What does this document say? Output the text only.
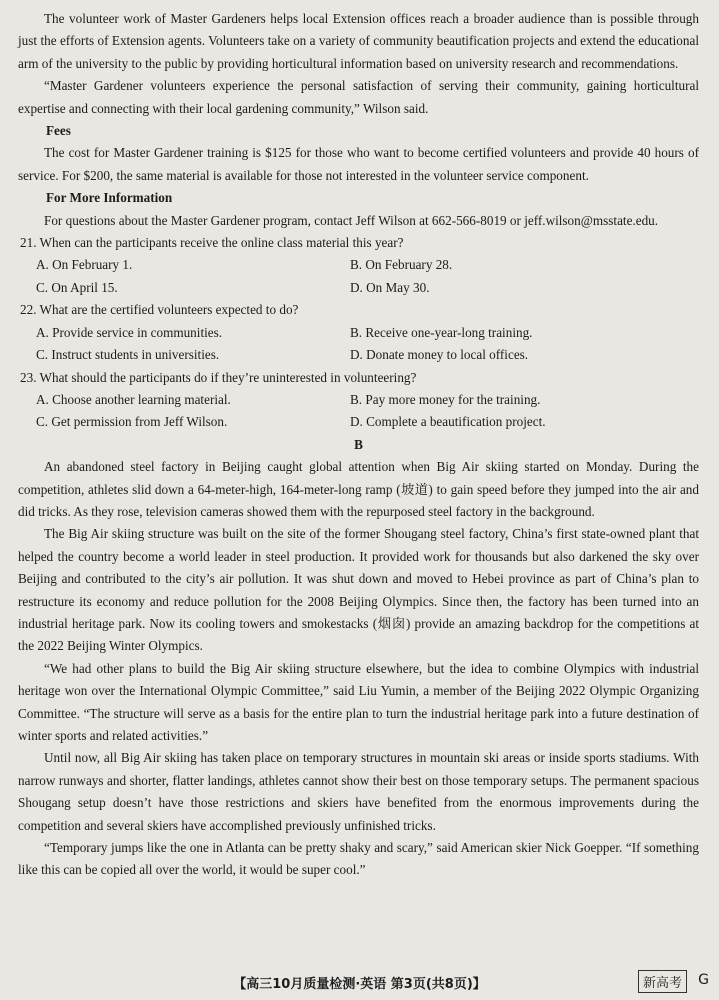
The volunteer work of Master Gardeners helps local Extension offices reach a broader audience than is possible through just the efforts of Extension agents. Volunteers take on a variety of community beautification projects and extend the educational arm of the university to the public by providing horticultural information based on university research and recommendations.

“Master Gardener volunteers experience the personal satisfaction of serving their community, gaining horticultural expertise and connecting with their local gardening community,” Wilson said.

Fees

The cost for Master Gardener training is $125 for those who want to become certified volunteers and provide 40 hours of service. For $200, the same material is available for those not interested in the volunteer service component.

For More Information

For questions about the Master Gardener program, contact Jeff Wilson at 662-566-8019 or jeff.wilson@msstate.edu.

21. When can the participants receive the online class material this year?
A. On February 1.	B. On February 28.
C. On April 15.	D. On May 30.
22. What are the certified volunteers expected to do?
A. Provide service in communities.	B. Receive one-year-long training.
C. Instruct students in universities.	D. Donate money to local offices.
23. What should the participants do if they’re uninterested in volunteering?
A. Choose another learning material.	B. Pay more money for the training.
C. Get permission from Jeff Wilson.	D. Complete a beautification project.
B

An abandoned steel factory in Beijing caught global attention when Big Air skiing started on Monday. During the competition, athletes slid down a 64-meter-high, 164-meter-long ramp (坡道) to gain speed before they jumped into the air and did tricks. As they rose, television cameras showed them with the repurposed steel factory in the background.

The Big Air skiing structure was built on the site of the former Shougang steel factory, China’s first state-owned plant that helped the country become a world leader in steel production. It provided work for thousands but also darkened the sky over Beijing and contributed to the city’s air pollution. It was shut down and moved to Hebei province as part of China’s plan to restructure its economy and reduce pollution for the 2008 Beijing Olympics. Since then, the factory has been turned into an industrial heritage park. Now its cooling towers and smokestacks (烟囱) provide an amazing backdrop for the competitions at the 2022 Beijing Winter Olympics.

“We had other plans to build the Big Air skiing structure elsewhere, but the idea to combine Olympics with industrial heritage won over the International Olympic Committee,” said Liu Yumin, a member of the Beijing 2022 Olympic Organizing Committee. “The structure will serve as a basis for the entire plan to turn the industrial heritage park into a future destination of winter sports and related activities.”

Until now, all Big Air skiing has taken place on temporary structures in mountain ski areas or inside sports stadiums. With narrow runways and shorter, flatter landings, athletes cannot show their best on those temporary setups. The permanent spacious Shougang setup doesn’t have those restrictions and skiers have benefited from the enormous improvements during the competition and several skiers have accomplished previously unfinished tricks.

“Temporary jumps like the one in Atlanta can be pretty shaky and scary,” said American skier Nick Goepper. “If something like this can be copied all over the world, it would be super cool.”

【高三10月质量检测·英语 第3页(共8页)】	新高考	G
